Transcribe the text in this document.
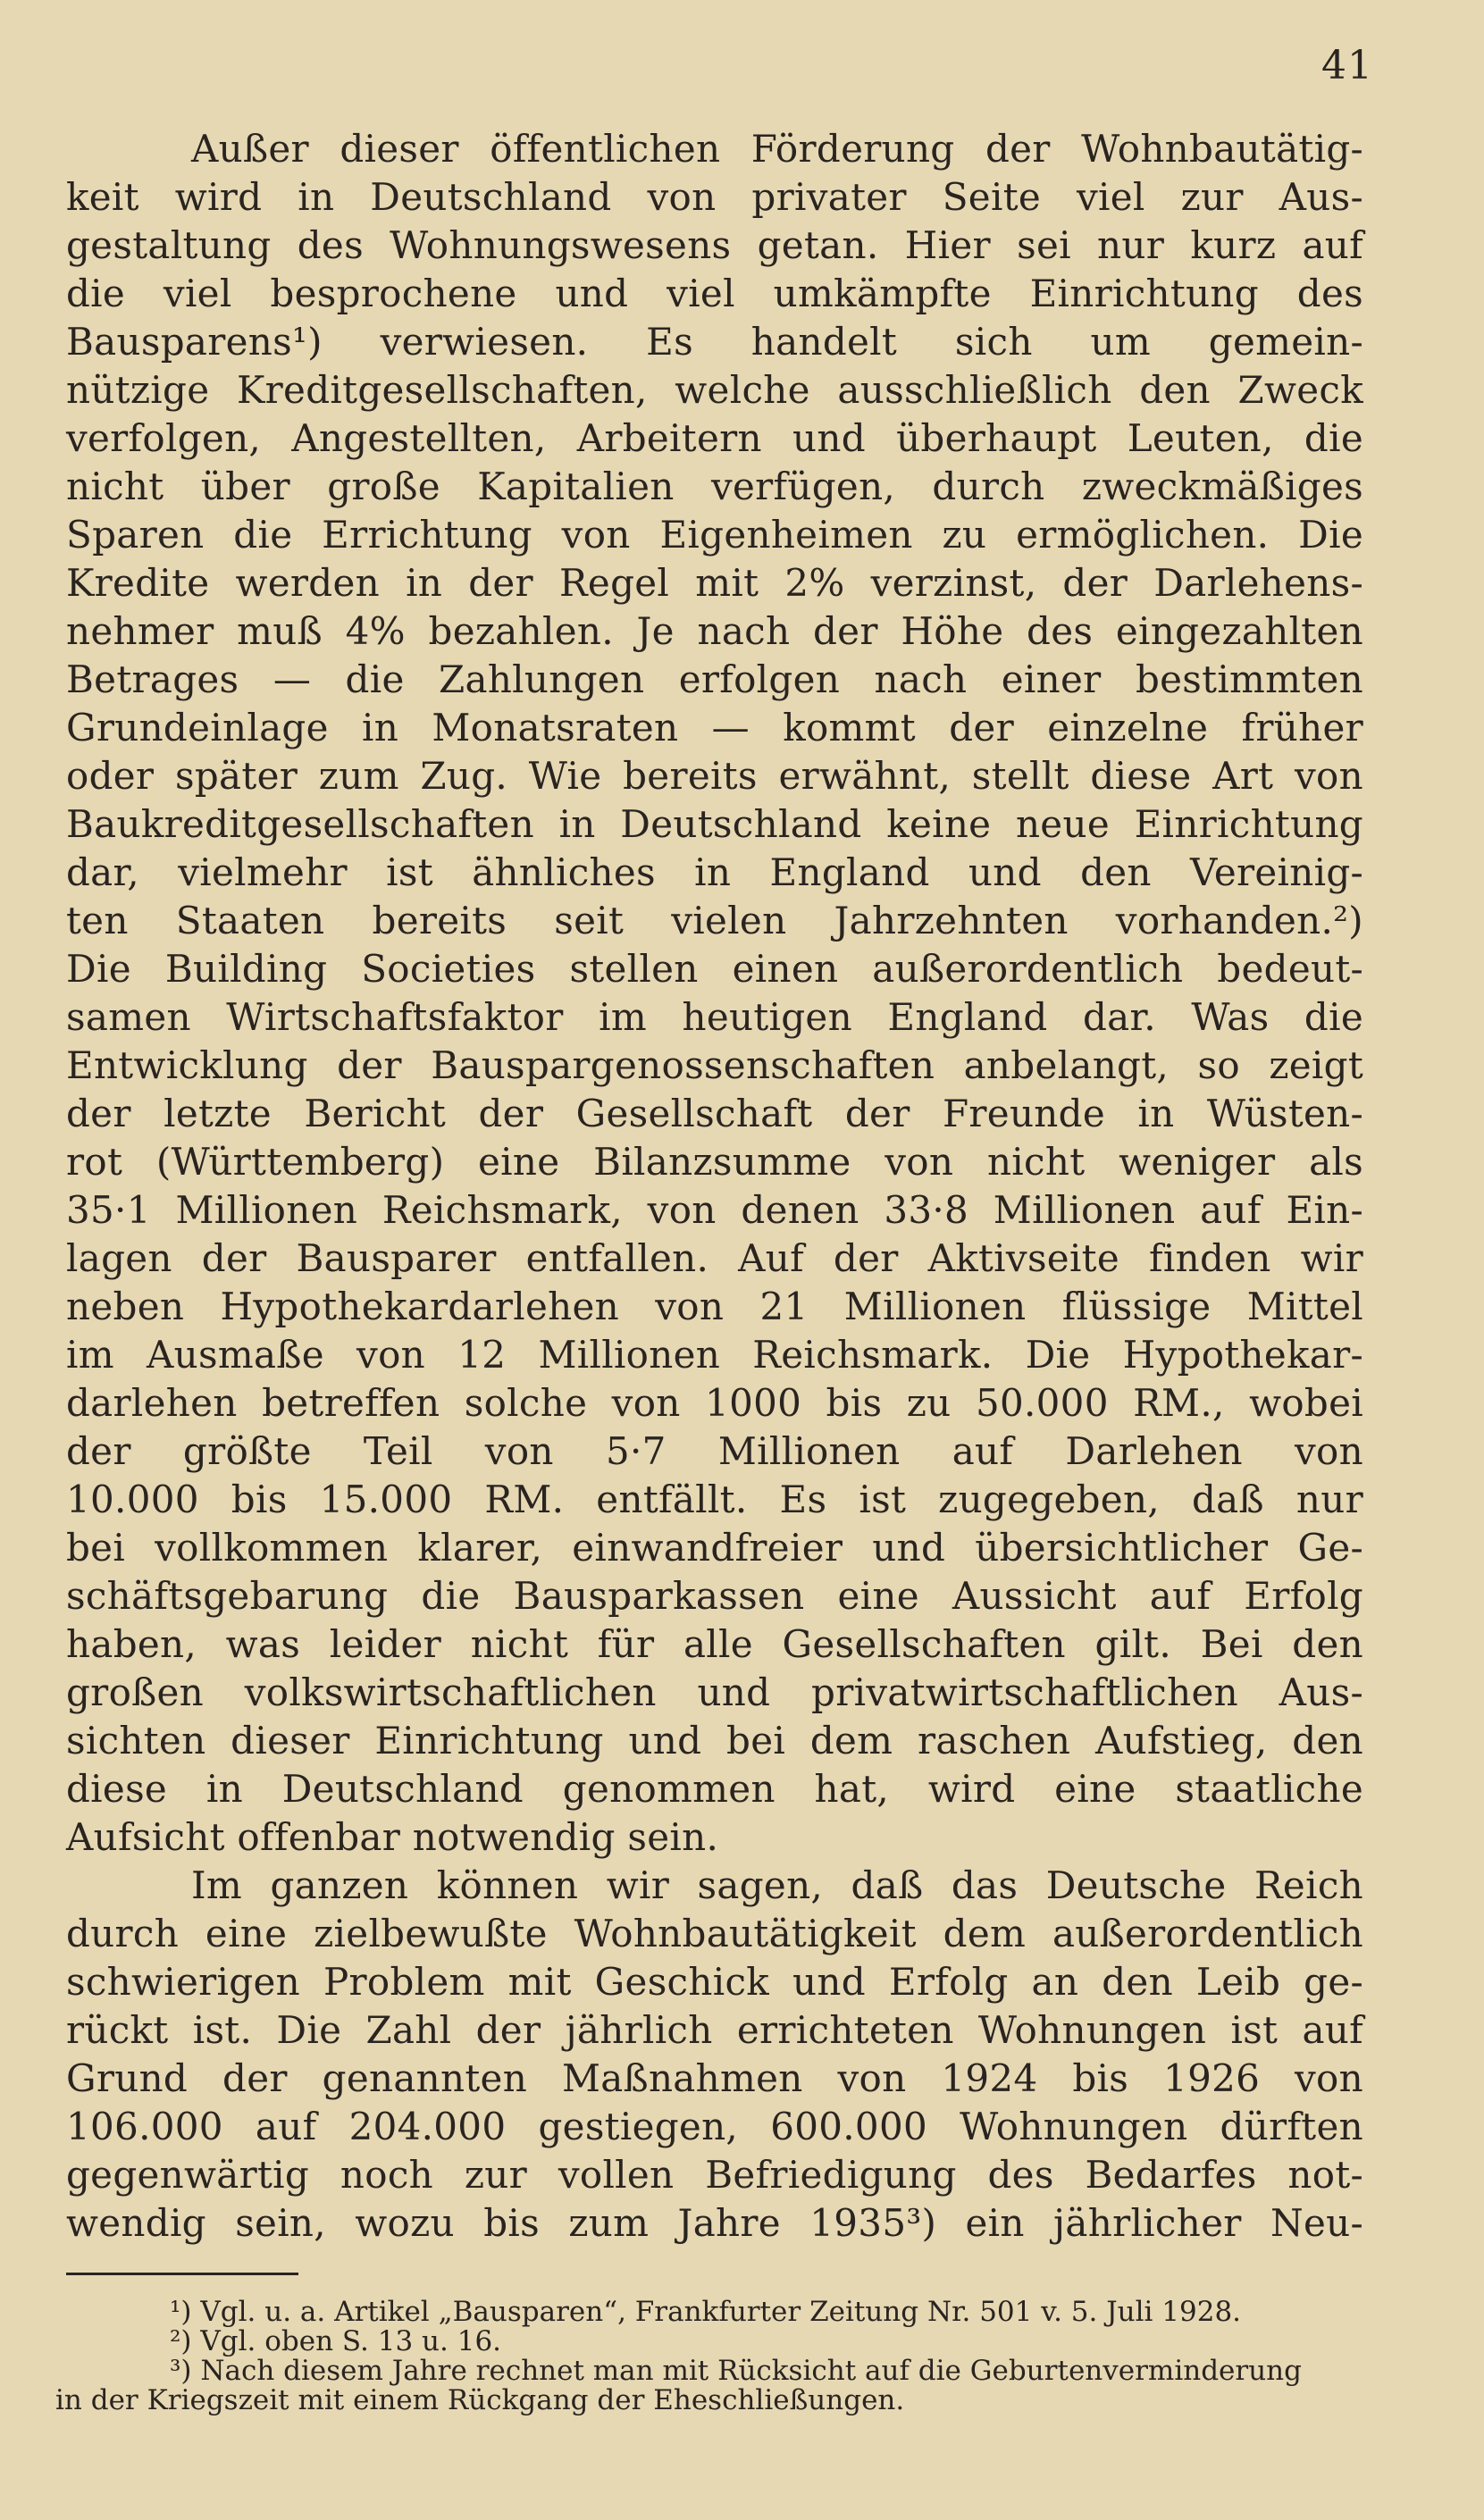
41
Außer dieser öffentlichen Förderung der Wohnbautätig-
keit wird in Deutschland von privater Seite viel zur Aus-
gestaltung des Wohnungswesens getan. Hier sei nur kurz auf
die viel besprochene und viel umkämpfte Einrichtung des
Bausparens¹) verwiesen. Es handelt sich um gemein-
nützige Kreditgesellschaften, welche ausschließlich den Zweck
verfolgen, Angestellten, Arbeitern und überhaupt Leuten, die
nicht über große Kapitalien verfügen, durch zweckmäßiges
Sparen die Errichtung von Eigenheimen zu ermöglichen. Die
Kredite werden in der Regel mit 2% verzinst, der Darlehens-
nehmer muß 4% bezahlen. Je nach der Höhe des eingezahlten
Betrages — die Zahlungen erfolgen nach einer bestimmten
Grundeinlage in Monatsraten — kommt der einzelne früher
oder später zum Zug. Wie bereits erwähnt, stellt diese Art von
Baukreditgesellschaften in Deutschland keine neue Einrichtung
dar, vielmehr ist ähnliches in England und den Vereinig-
ten Staaten bereits seit vielen Jahrzehnten vorhanden.²)
Die Building Societies stellen einen außerordentlich bedeut-
samen Wirtschaftsfaktor im heutigen England dar. Was die
Entwicklung der Bauspargenossenschaften anbelangt, so zeigt
der letzte Bericht der Gesellschaft der Freunde in Wüsten-
rot (Württemberg) eine Bilanzsumme von nicht weniger als
35·1 Millionen Reichsmark, von denen 33·8 Millionen auf Ein-
lagen der Bausparer entfallen. Auf der Aktivseite finden wir
neben Hypothekardarlehen von 21 Millionen flüssige Mittel
im Ausmaße von 12 Millionen Reichsmark. Die Hypothekar-
darlehen betreffen solche von 1000 bis zu 50.000 RM., wobei
der größte Teil von 5·7 Millionen auf Darlehen von
10.000 bis 15.000 RM. entfällt. Es ist zugegeben, daß nur
bei vollkommen klarer, einwandfreier und übersichtlicher Ge-
schäftsgebarung die Bausparkassen eine Aussicht auf Erfolg
haben, was leider nicht für alle Gesellschaften gilt. Bei den
großen volkswirtschaftlichen und privatwirtschaftlichen Aus-
sichten dieser Einrichtung und bei dem raschen Aufstieg, den
diese in Deutschland genommen hat, wird eine staatliche
Aufsicht offenbar notwendig sein.
Im ganzen können wir sagen, daß das Deutsche Reich
durch eine zielbewußte Wohnbautätigkeit dem außerordentlich
schwierigen Problem mit Geschick und Erfolg an den Leib ge-
rückt ist. Die Zahl der jährlich errichteten Wohnungen ist auf
Grund der genannten Maßnahmen von 1924 bis 1926 von
106.000 auf 204.000 gestiegen, 600.000 Wohnungen dürften
gegenwärtig noch zur vollen Befriedigung des Bedarfes not-
wendig sein, wozu bis zum Jahre 1935³) ein jährlicher Neu-
¹) Vgl. u. a. Artikel „Bausparen“, Frankfurter Zeitung Nr. 501 v. 5. Juli 1928.
²) Vgl. oben S. 13 u. 16.
³) Nach diesem Jahre rechnet man mit Rücksicht auf die Geburtenverminderung
in der Kriegszeit mit einem Rückgang der Eheschließungen.
